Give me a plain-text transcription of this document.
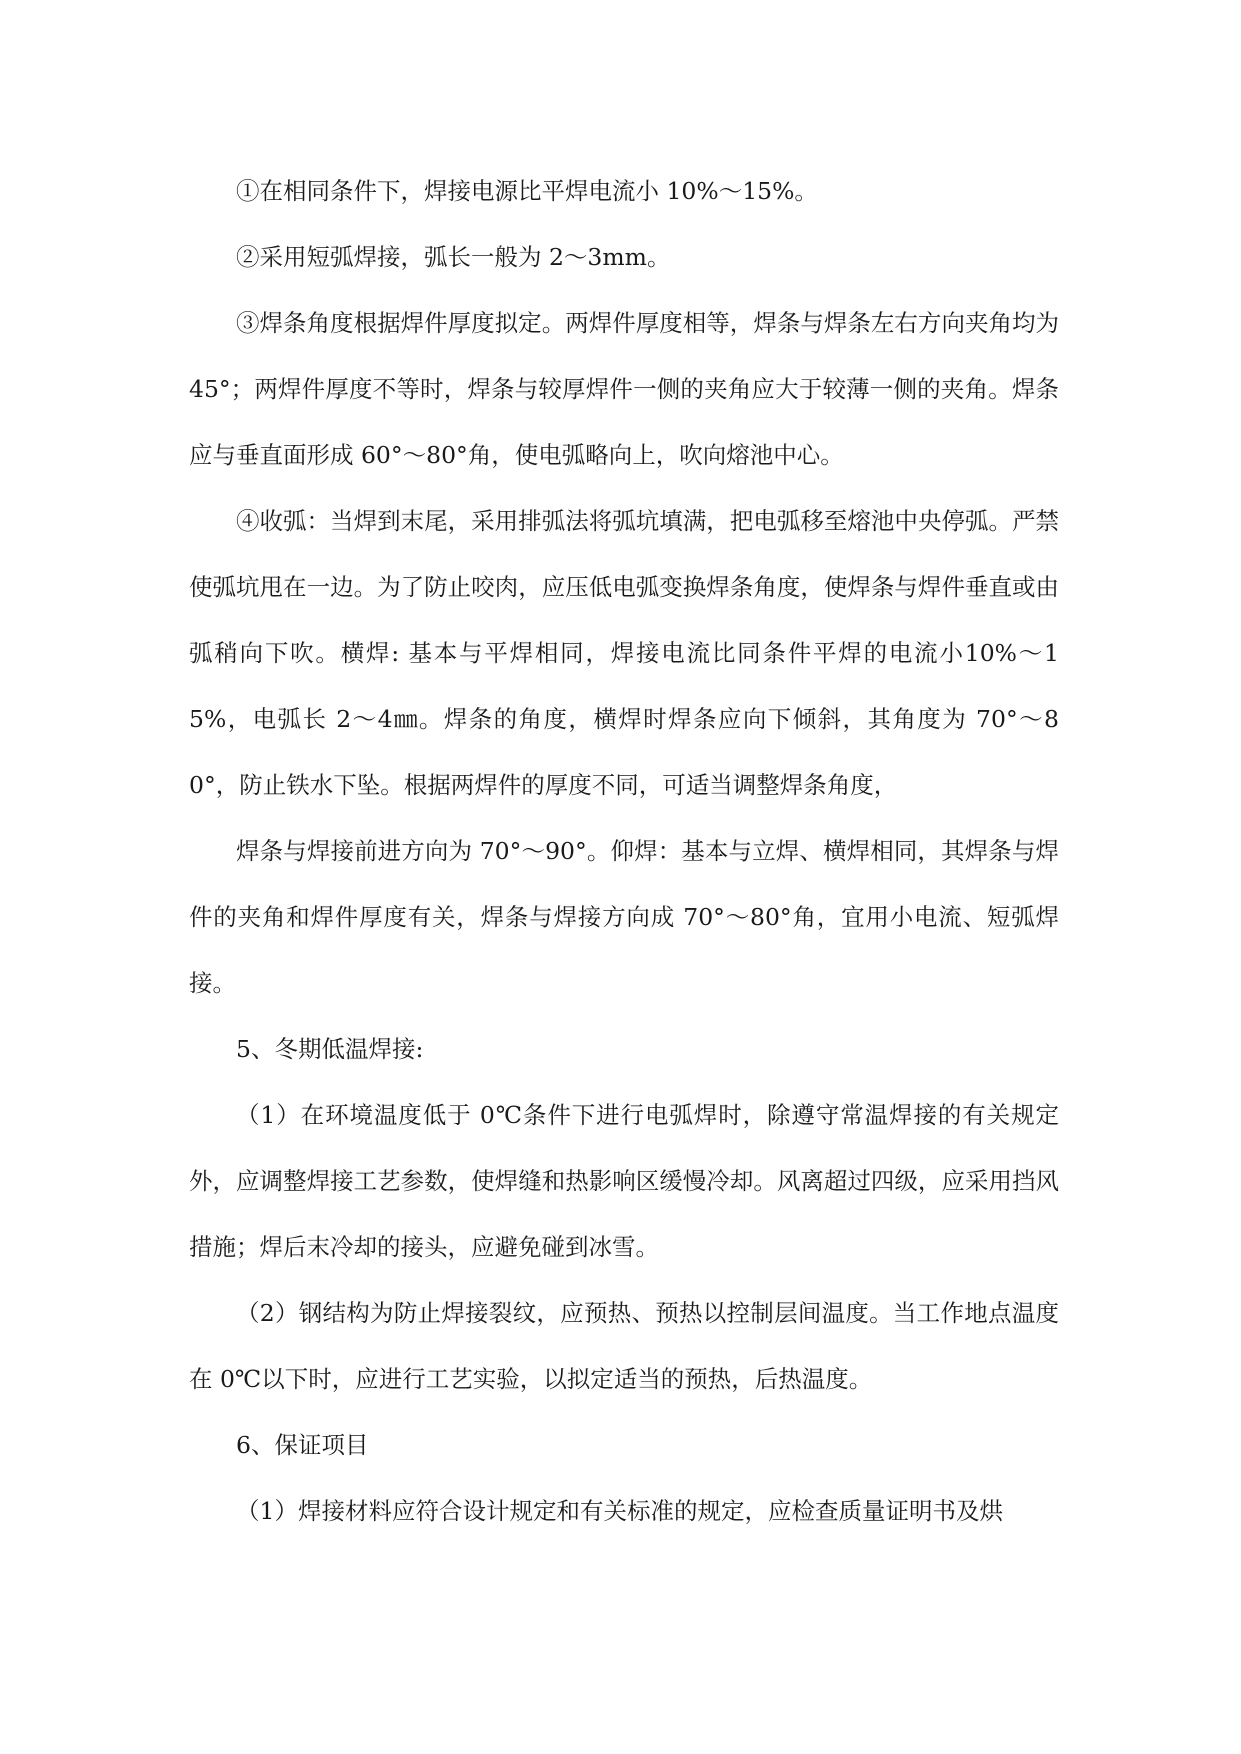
①在相同条件下，焊接电源比平焊电流小 10%～15%。

②采用短弧焊接，弧长一般为 2～3mm。

③焊条角度根据焊件厚度拟定。两焊件厚度相等，焊条与焊条左右方向夹角均为 45°；两焊件厚度不等时，焊条与较厚焊件一侧的夹角应大于较薄一侧的夹角。焊条应与垂直面形成 60°～80°角，使电弧略向上，吹向熔池中心。

④收弧：当焊到末尾，采用排弧法将弧坑填满，把电弧移至熔池中央停弧。严禁使弧坑甩在一边。为了防止咬肉，应压低电弧变换焊条角度，使焊条与焊件垂直或由弧稍向下吹。横焊: 基本与平焊相同，焊接电流比同条件平焊的电流小10%～15%，电弧长 2～4㎜。焊条的角度，横焊时焊条应向下倾斜，其角度为 70°～80°，防止铁水下坠。根据两焊件的厚度不同，可适当调整焊条角度，

焊条与焊接前进方向为 70°～90°。仰焊：基本与立焊、横焊相同，其焊条与焊件的夹角和焊件厚度有关，焊条与焊接方向成 70°～80°角，宜用小电流、短弧焊接。

5、冬期低温焊接:

（1）在环境温度低于 0℃条件下进行电弧焊时，除遵守常温焊接的有关规定外，应调整焊接工艺参数，使焊缝和热影响区缓慢冷却。风离超过四级，应采用挡风措施；焊后末冷却的接头，应避免碰到冰雪。

（2）钢结构为防止焊接裂纹，应预热、预热以控制层间温度。当工作地点温度在 0℃以下时，应进行工艺实验，以拟定适当的预热，后热温度。

6、保证项目

（1）焊接材料应符合设计规定和有关标准的规定，应检查质量证明书及烘
